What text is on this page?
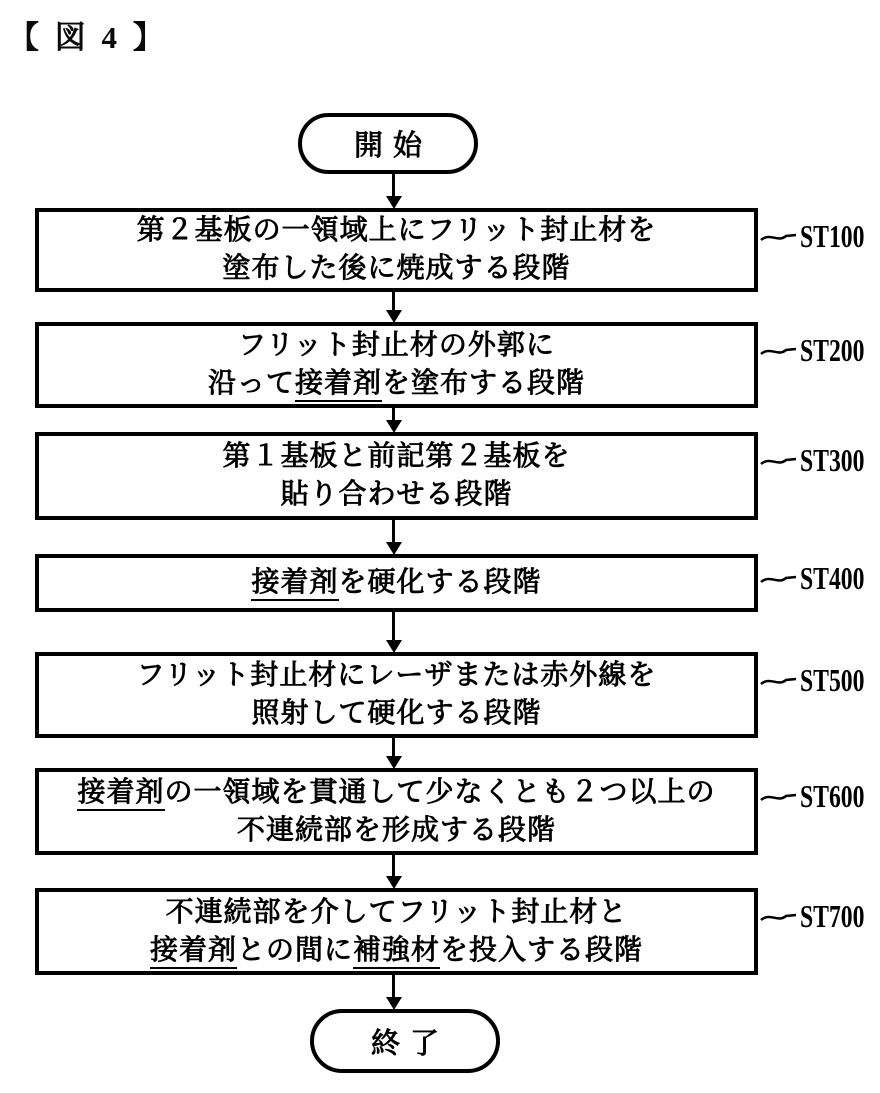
【 図 4 】
開始
第２基板の一領域上にフリット封止材を
塗布した後に焼成する段階
ST100
フリット封止材の外郭に
沿って接着剤を塗布する段階
ST200
第１基板と前記第２基板を
貼り合わせる段階
ST300
接着剤を硬化する段階	ST400
フリット封止材にレーザまたは赤外線を
照射して硬化する段階
ST500
接着剤の一領域を貫通して少なくとも２つ以上の
不連続部を形成する段階
ST600
不連続部を介してフリット封止材と
接着剤との間に補強材を投入する段階
ST700
終了
